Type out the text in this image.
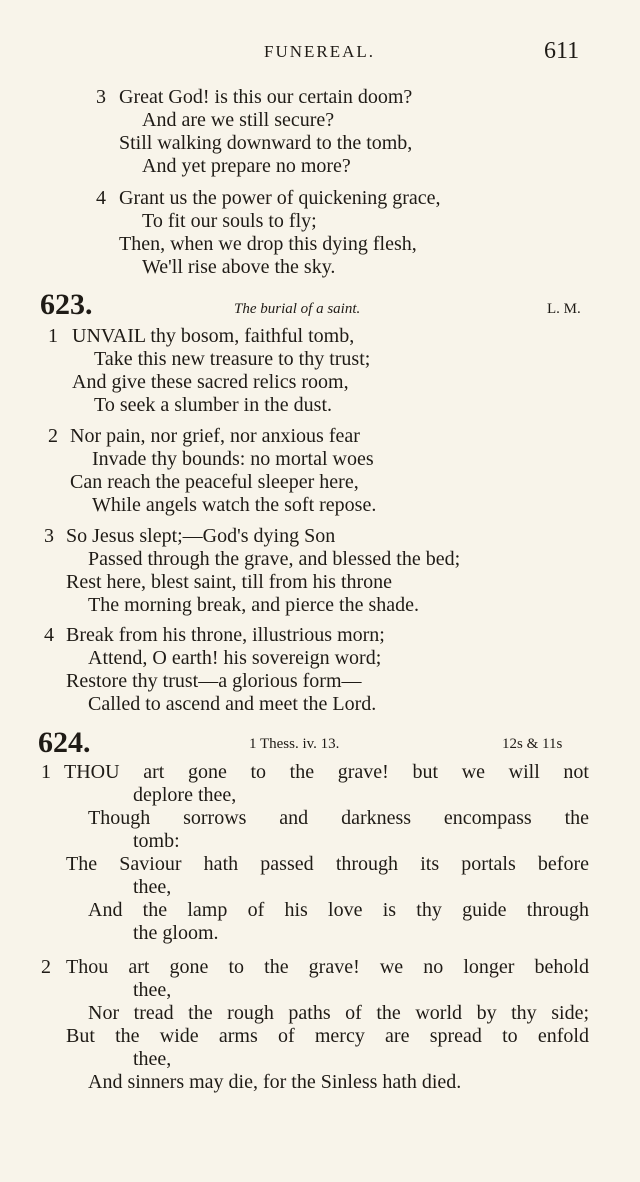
FUNEREAL.	611
3 Great God! is this our certain doom?
And are we still secure?
Still walking downward to the tomb,
And yet prepare no more?
4 Grant us the power of quickening grace,
To fit our souls to fly;
Then, when we drop this dying flesh,
We'll rise above the sky.
623.	The burial of a saint.	L. M.
1 UNVAIL thy bosom, faithful tomb,
Take this new treasure to thy trust;
And give these sacred relics room,
To seek a slumber in the dust.
2 Nor pain, nor grief, nor anxious fear
Invade thy bounds: no mortal woes
Can reach the peaceful sleeper here,
While angels watch the soft repose.
3 So Jesus slept;—God's dying Son
Passed through the grave, and blessed the bed;
Rest here, blest saint, till from his throne
The morning break, and pierce the shade.
4 Break from his throne, illustrious morn;
Attend, O earth! his sovereign word;
Restore thy trust—a glorious form—
Called to ascend and meet the Lord.
624.	1 Thess. iv. 13.	12s & 11s
1 THOU art gone to the grave! but we will not
deplore thee,
Though sorrows and darkness encompass the
tomb:
The Saviour hath passed through its portals before
thee,
And the lamp of his love is thy guide through
the gloom.
2 Thou art gone to the grave! we no longer behold
thee,
Nor tread the rough paths of the world by thy side;
But the wide arms of mercy are spread to enfold
thee,
And sinners may die, for the Sinless hath died.
